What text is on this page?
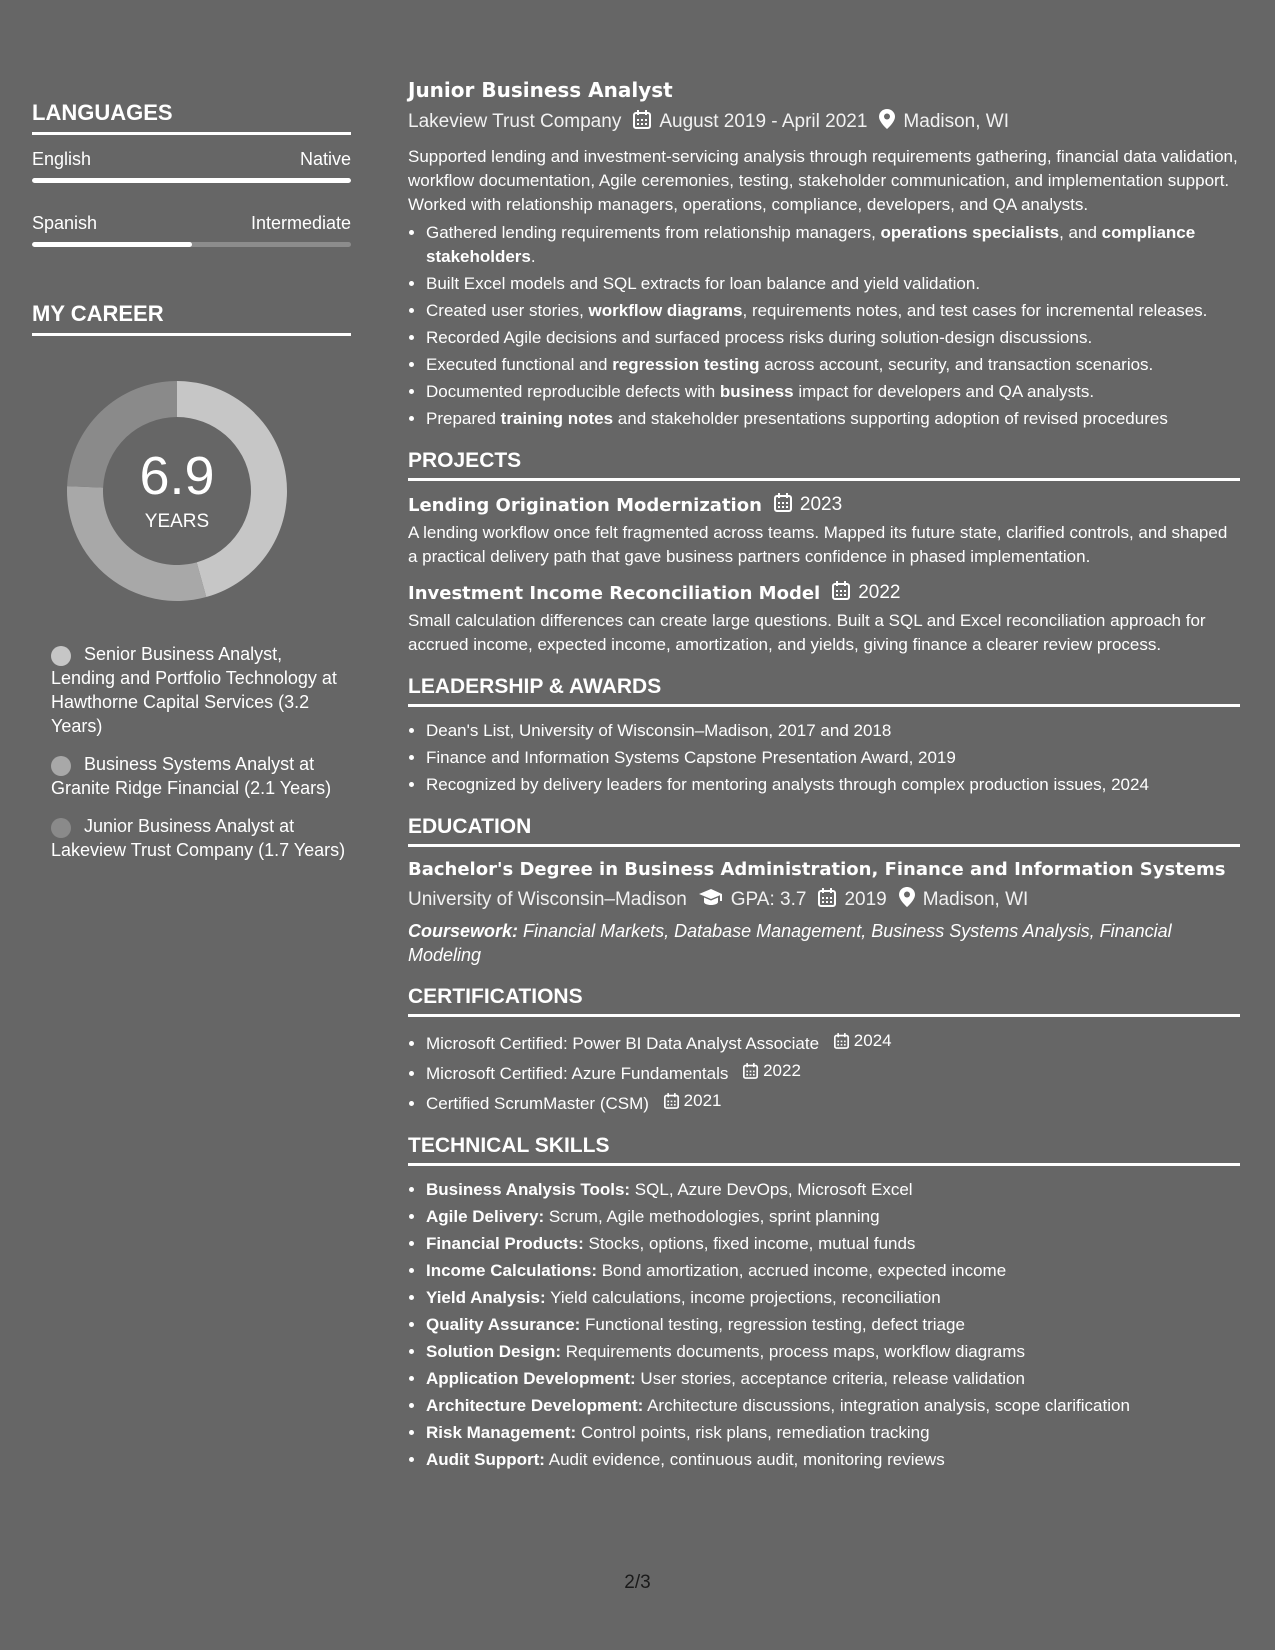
LANGUAGES
English	Native
Spanish	Intermediate
MY CAREER
6.9
YEARS
Senior Business Analyst, Lending and Portfolio Technology at Hawthorne Capital Services (3.2 Years)
Business Systems Analyst at Granite Ridge Financial (2.1 Years)
Junior Business Analyst at Lakeview Trust Company (1.7 Years)
Junior Business Analyst
Lakeview Trust Company August 2019 - April 2021 Madison, WI

Supported lending and investment-servicing analysis through requirements gathering, financial data validation, workflow documentation, Agile ceremonies, testing, stakeholder communication, and implementation support. Worked with relationship managers, operations, compliance, developers, and QA analysts.

• Gathered lending requirements from relationship managers, operations specialists, and compliance stakeholders.
• Built Excel models and SQL extracts for loan balance and yield validation.
• Created user stories, workflow diagrams, requirements notes, and test cases for incremental releases.
• Recorded Agile decisions and surfaced process risks during solution-design discussions.
• Executed functional and regression testing across account, security, and transaction scenarios.
• Documented reproducible defects with business impact for developers and QA analysts.
• Prepared training notes and stakeholder presentations supporting adoption of revised procedures
PROJECTS
Lending Origination Modernization 2023

A lending workflow once felt fragmented across teams. Mapped its future state, clarified controls, and shaped a practical delivery path that gave business partners confidence in phased implementation.

Investment Income Reconciliation Model 2022

Small calculation differences can create large questions. Built a SQL and Excel reconciliation approach for accrued income, expected income, amortization, and yields, giving finance a clearer review process.

LEADERSHIP & AWARDS
• Dean's List, University of Wisconsin–Madison, 2017 and 2018
• Finance and Information Systems Capstone Presentation Award, 2019
• Recognized by delivery leaders for mentoring analysts through complex production issues, 2024
EDUCATION
Bachelor's Degree in Business Administration, Finance and Information Systems
University of Wisconsin–Madison GPA: 3.7 2019 Madison, WI
Coursework: Financial Markets, Database Management, Business Systems Analysis, Financial Modeling
CERTIFICATIONS
• Microsoft Certified: Power BI Data Analyst Associate 2024
• Microsoft Certified: Azure Fundamentals 2022
• Certified ScrumMaster (CSM) 2021
TECHNICAL SKILLS
• Business Analysis Tools: SQL, Azure DevOps, Microsoft Excel
• Agile Delivery: Scrum, Agile methodologies, sprint planning
• Financial Products: Stocks, options, fixed income, mutual funds
• Income Calculations: Bond amortization, accrued income, expected income
• Yield Analysis: Yield calculations, income projections, reconciliation
• Quality Assurance: Functional testing, regression testing, defect triage
• Solution Design: Requirements documents, process maps, workflow diagrams
• Application Development: User stories, acceptance criteria, release validation
• Architecture Development: Architecture discussions, integration analysis, scope clarification
• Risk Management: Control points, risk plans, remediation tracking
• Audit Support: Audit evidence, continuous audit, monitoring reviews
2/3
